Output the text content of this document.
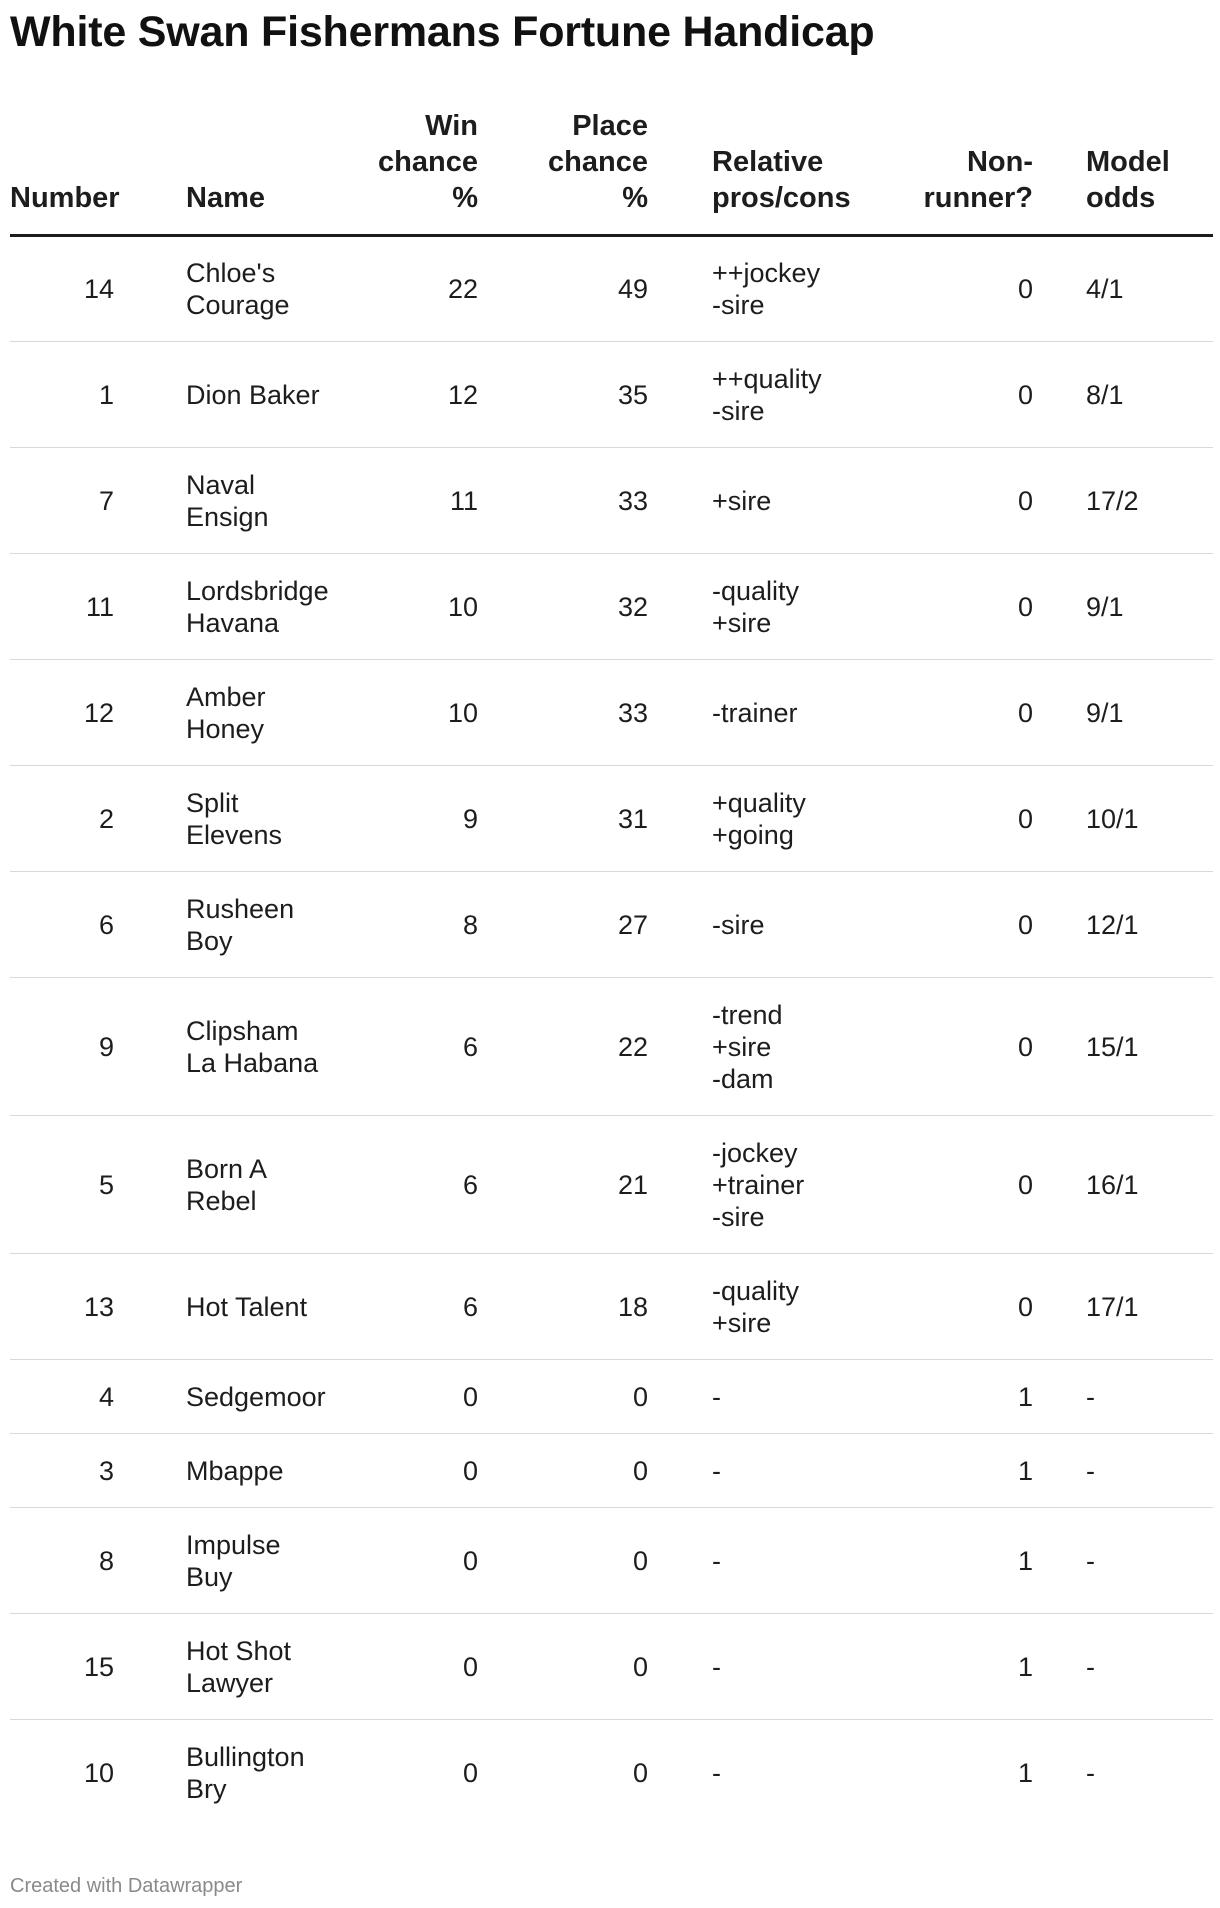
White Swan Fishermans Fortune Handicap
Number	Name	Win
chance
%	Place
chance
%	Relative
pros/cons	Non-
runner?	Model
odds
14	Chloe's
Courage	22	49	++jockey
-sire	0	4/1
1	Dion Baker	12	35	++quality
-sire	0	8/1
7	Naval
Ensign	11	33	+sire	0	17/2
11	Lordsbridge
Havana	10	32	-quality
+sire	0	9/1
12	Amber
Honey	10	33	-trainer	0	9/1
2	Split
Elevens	9	31	+quality
+going	0	10/1
6	Rusheen
Boy	8	27	-sire	0	12/1
9	Clipsham
La Habana	6	22	-trend
+sire
-dam	0	15/1
5	Born A
Rebel	6	21	-jockey
+trainer
-sire	0	16/1
13	Hot Talent	6	18	-quality
+sire	0	17/1
4	Sedgemoor	0	0	-	1	-
3	Mbappe	0	0	-	1	-
8	Impulse
Buy	0	0	-	1	-
15	Hot Shot
Lawyer	0	0	-	1	-
10	Bullington
Bry	0	0	-	1	-
Created with Datawrapper
